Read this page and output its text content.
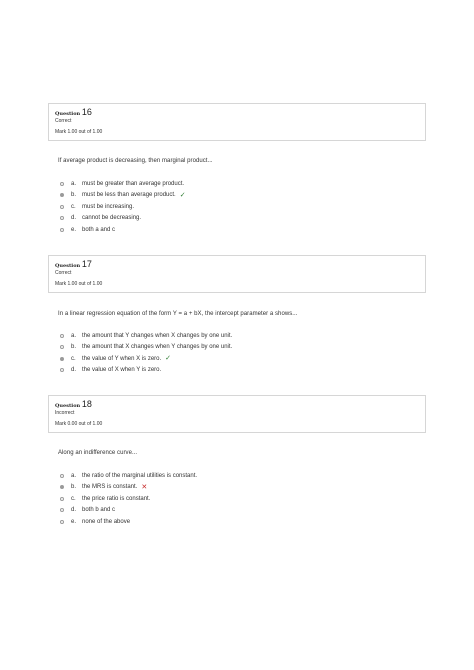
Question 16
Correct
Mark 1.00 out of 1.00
If average product is decreasing, then marginal product...
a. must be greater than average product.
b. must be less than average product. ✓
c.	must be increasing.
d. cannot be decreasing.
e. both a and c
Question 17
Correct
Mark 1.00 out of 1.00
In a linear regression equation of the form Y = a + bX, the intercept parameter a shows...
a. the amount that Y changes when X changes by one unit.
b. the amount that X changes when Y changes by one unit.
c.	the value of Y when X is zero. ✓
d. the value of X when Y is zero.
Question 18
Incorrect
Mark 0.00 out of 1.00
Along an indifference curve...
a. the ratio of the marginal utilities is constant.
b. the MRS is constant. ✕
c.	the price ratio is constant.
d. both b and c
e. none of the above
